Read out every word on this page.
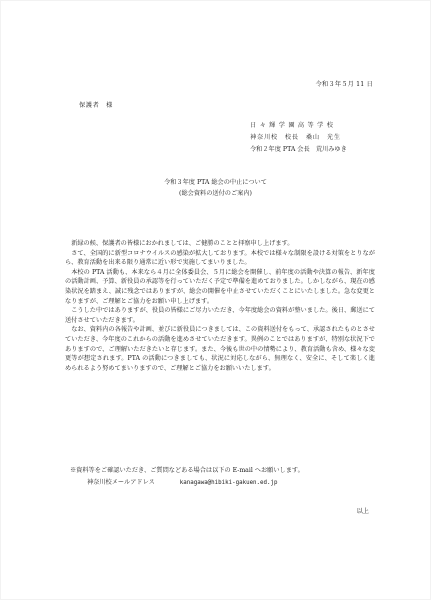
令和３年５月 11 日
保護者　様
日々輝学園高等学校
神奈川校　校長　 桑山　光生
令和２年度 PTA 会長　荒川みゆき
令和３年度 PTA 総会の中止について
(総会資料の送付のご案内)

新緑の候、保護者の皆様におかれましては、ご健勝のことと拝察申し上げます。

さて、全国的に新型コロナウイルスの感染が拡大しております。本校では様々な制限を設ける対策をとりながら、教育活動を出来る限り通常に近い形で実施してまいりました。

本校の PTA 活動も、本来なら４月に全体委員会、５月に総会を開催し、前年度の活動や決算の報告、新年度の活動計画、予算、新役員の承認等を行っていただく予定で準備を進めておりました。しかしながら、現在の感染状況を踏まえ、誠に残念ではありますが、総会の開催を中止させていただくことにいたしました。急な変更となりますが、ご理解とご協力をお願い申し上げます。

こうした中ではありますが、役員の皆様にご尽力いただき、今年度総会の資料が整いました。後日、郵送にて送付させていただきます。

なお、資料内の各報告や計画、並びに新役員につきましては、この資料送付をもって、承認されたものとさせていただき、今年度のこれからの活動を進めさせていただきます。異例のことではありますが、特別な状況下でありますので、ご理解いただきたいと存じます。また、今後も世の中の情勢により、教育活動も含め、様々な変更等が想定されます。PTA の活動につきましても、状況に対応しながら、無理なく、安全に、そして楽しく進められるよう努めてまいりますので、ご理解とご協力をお願いいたします。

※資料等をご確認いただき、ご質問などある場合は以下の E-mail へお願いします。
神奈川校メールアドレス	kanagawa@hibiki-gakuen.ed.jp
以上
